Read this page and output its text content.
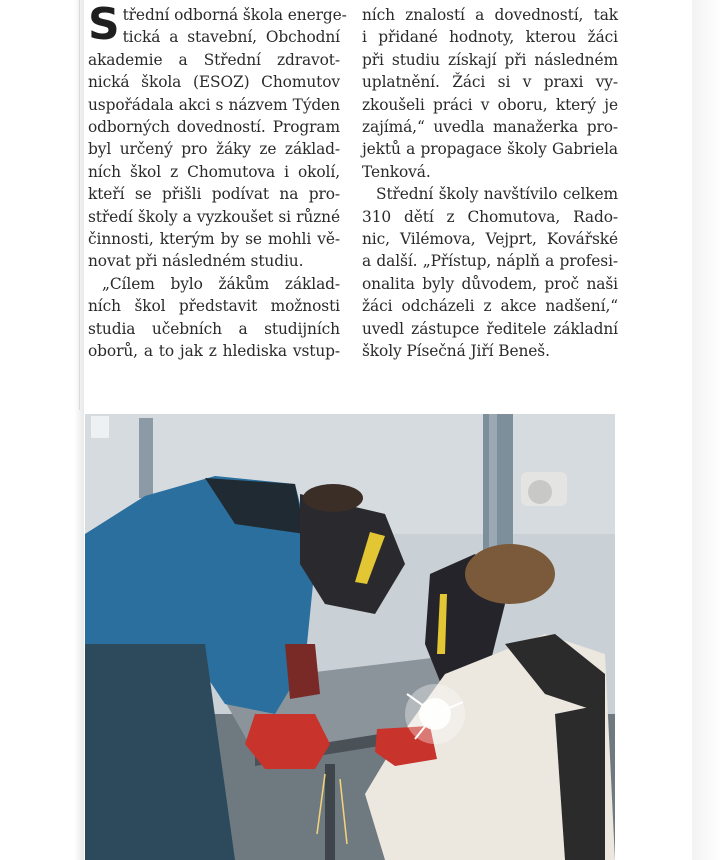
S třední odborná škola energe-
tická a stavební, Obchodní
akademie a Střední zdravot-
nická škola (ESOZ) Chomutov
uspořádala akci s názvem Týden
odborných dovedností. Program
byl určený pro žáky ze základ-
ních škol z Chomutova i okolí,
kteří se přišli podívat na pro-
středí školy a vyzkoušet si různé
činnosti, kterým by se mohli vě-
novat při následném studiu.
„Cílem bylo žákům základ-
ních škol představit možnosti
studia učebních a studijních
oborů, a to jak z hlediska vstup-
ních znalostí a dovedností, tak
i přidané hodnoty, kterou žáci
při studiu získají při následném
uplatnění. Žáci si v praxi vy-
zkoušeli práci v oboru, který je
zajímá,“ uvedla manažerka pro-
jektů a propagace školy Gabriela
Tenková.
Střední školy navštívilo celkem
310 dětí z Chomutova, Rado-
nic, Vilémova, Vejprt, Kovářské
a další. „Přístup, náplň a profesi-
onalita byly důvodem, proč naši
žáci odcházeli z akce nadšení,“
uvedl zástupce ředitele základní
školy Písečná Jiří Beneš.
